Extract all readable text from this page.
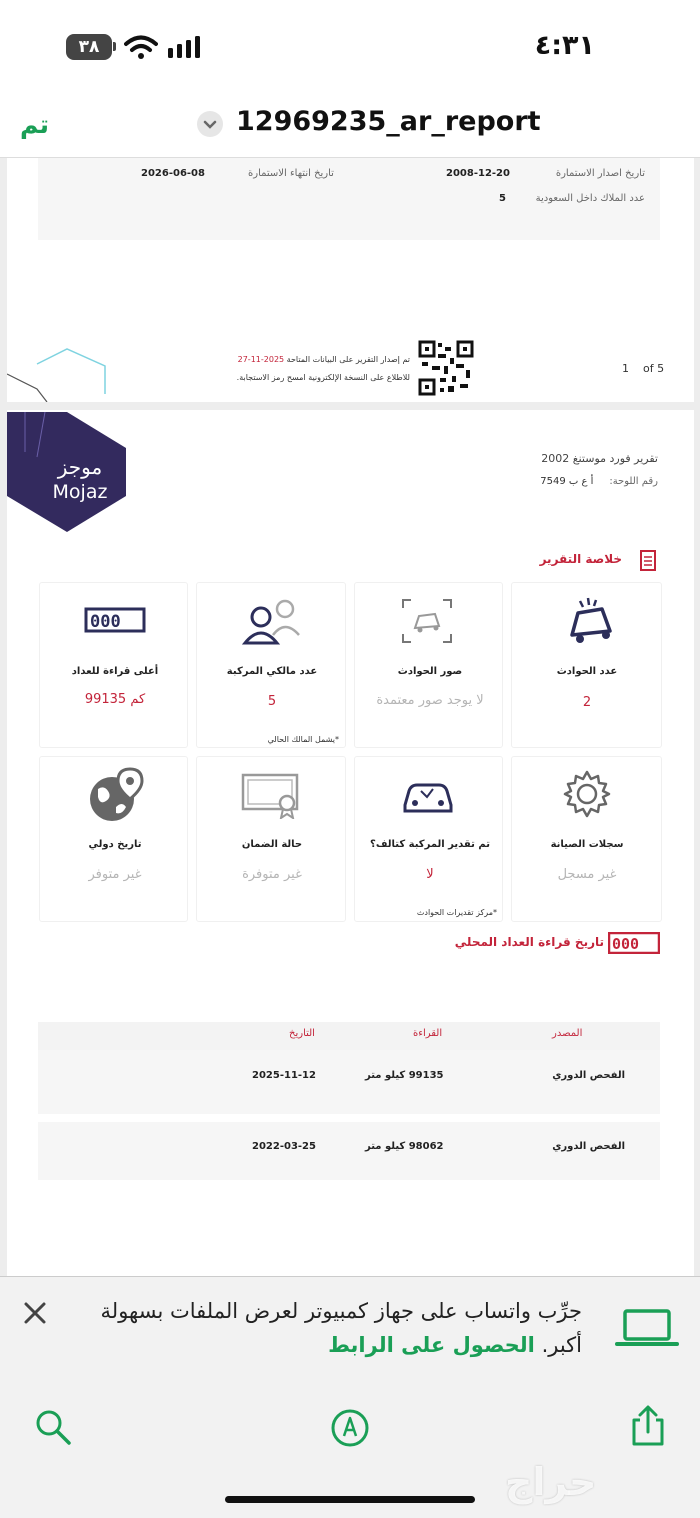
٣٨	٤:٣١
تم	12969235_ar_report
تاريخ اصدار الاستمارة
2008-12-20
تاريخ انتهاء الاستمارة
2026-06-08
عدد الملاك داخل السعودية
5
تم إصدار التقرير على البيانات المتاحة 2025-11-27
للاطلاع على النسخة الإلكترونية امسح رمز الاستجابة.
1 of 5
موجز
Mojaz
تقرير فورد موستنغ 2002
رقم اللوحة:     أ ع ب 7549
خلاصة التقرير
عدد الحوادث
2
صور الحوادث
لا يوجد صور معتمدة
عدد مالكي المركبة
5
*يشمل المالك الحالي
000
أعلى قراءة للعداد
99135 كم
سجلات الصيانة
غير مسجل
تم تقدير المركبة كتالف؟
لا
*مركز تقديرات الحوادث
حالة الضمان
غير متوفرة
تاريخ دولي
غير متوفر
000
تاريخ قراءة العداد المحلي
المصدر
القراءة
التاريخ
الفحص الدوري
99135 كيلو متر
2025-11-12
الفحص الدوري
98062 كيلو متر
2022-03-25
جرِّب واتساب على جهاز كمبيوتر لعرض الملفات بسهولة أكبر. الحصول على الرابط
حراج
